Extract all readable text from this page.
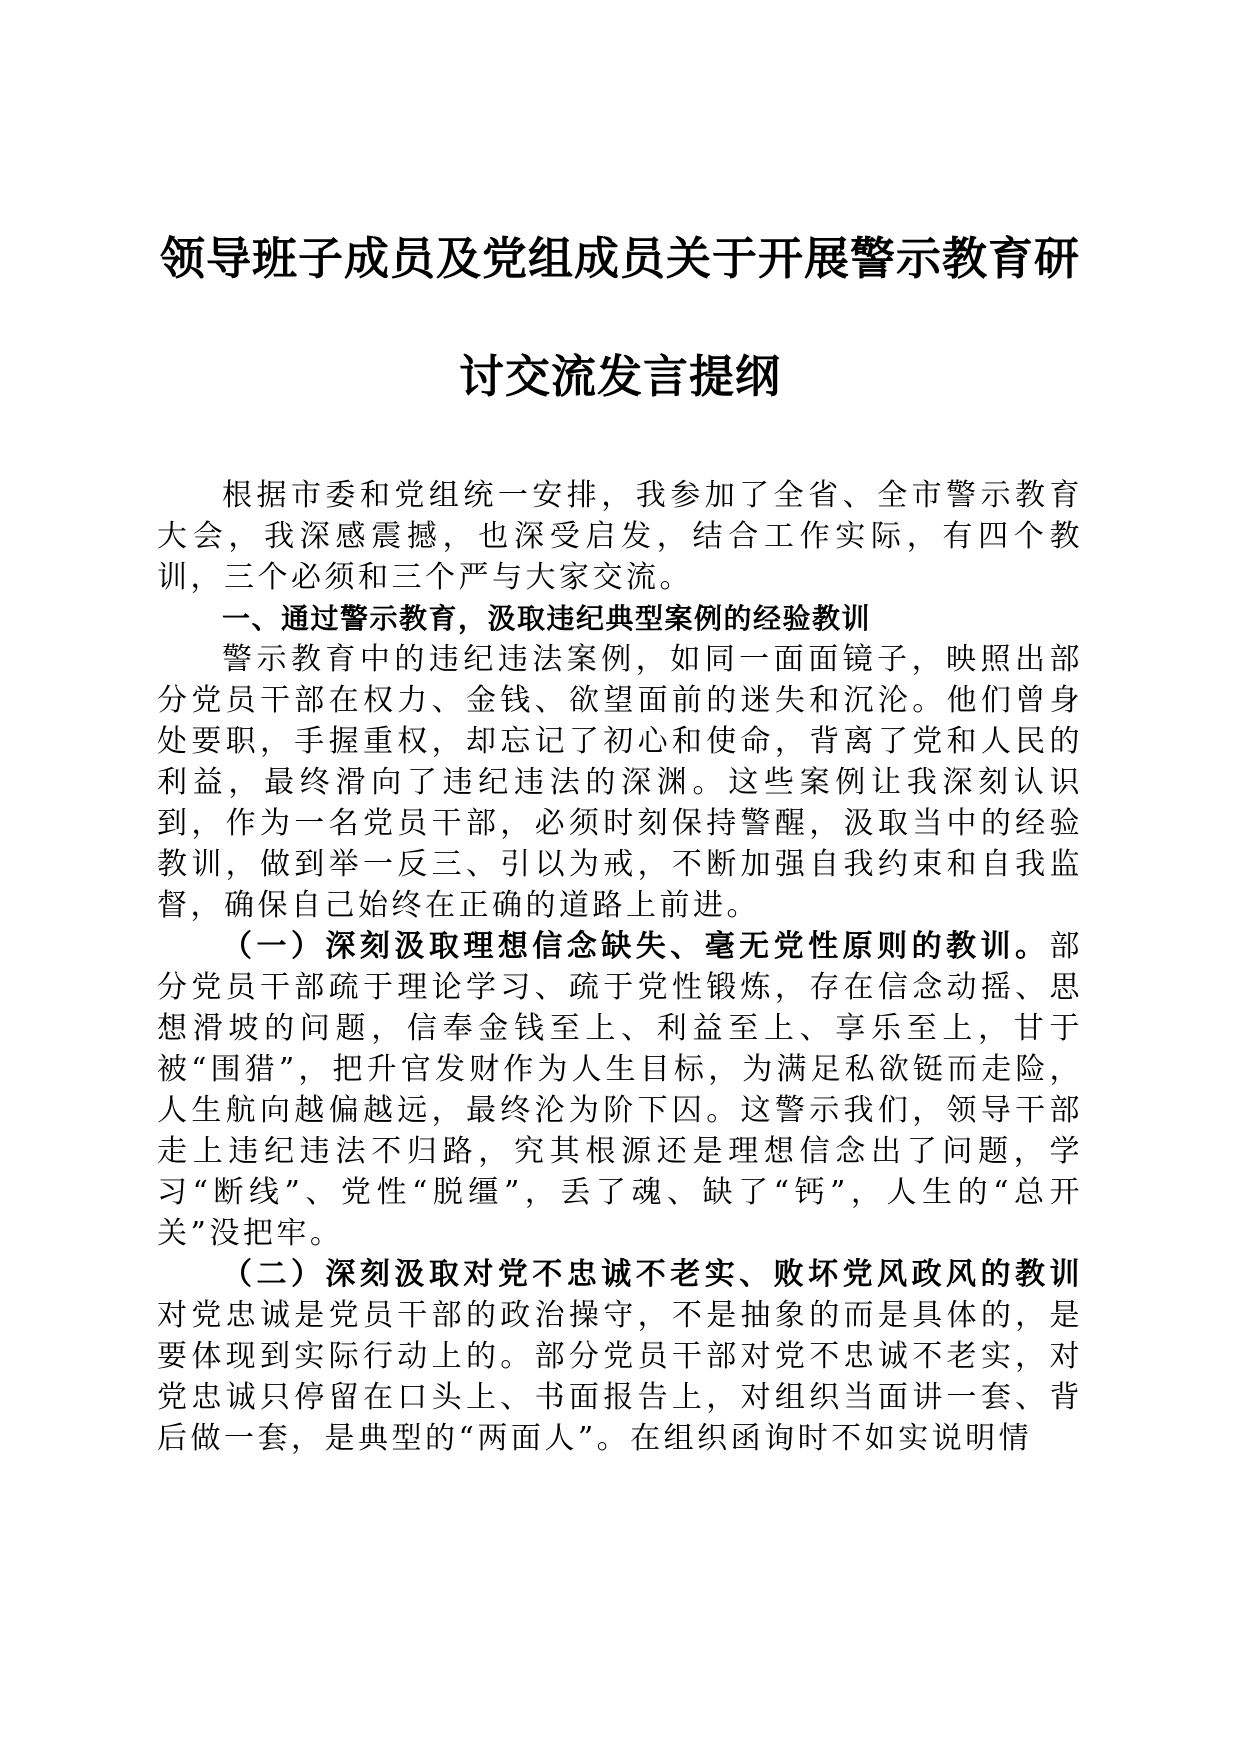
领导班子成员及党组成员关于开展警示教育研
讨交流发言提纲

根据市委和党组统一安排，我参加了全省、全市警示教育大会，我深感震撼，也深受启发，结合工作实际，有四个教训，三个必须和三个严与大家交流。

一、通过警示教育，汲取违纪典型案例的经验教训

警示教育中的违纪违法案例，如同一面面镜子，映照出部分党员干部在权力、金钱、欲望面前的迷失和沉沦。他们曾身处要职，手握重权，却忘记了初心和使命，背离了党和人民的利益，最终滑向了违纪违法的深渊。这些案例让我深刻认识到，作为一名党员干部，必须时刻保持警醒，汲取当中的经验教训，做到举一反三、引以为戒，不断加强自我约束和自我监督，确保自己始终在正确的道路上前进。

（一）深刻汲取理想信念缺失、毫无党性原则的教训。部分党员干部疏于理论学习、疏于党性锻炼，存在信念动摇、思想滑坡的问题，信奉金钱至上、利益至上、享乐至上，甘于被“围猎”，把升官发财作为人生目标，为满足私欲铤而走险，人生航向越偏越远，最终沦为阶下囚。这警示我们，领导干部走上违纪违法不归路，究其根源还是理想信念出了问题，学习“断线”、党性“脱缰”，丢了魂、缺了“钙”，人生的“总开关”没把牢。

（二）深刻汲取对党不忠诚不老实、败坏党风政风的教训对党忠诚是党员干部的政治操守，不是抽象的而是具体的，是要体现到实际行动上的。部分党员干部对党不忠诚不老实，对党忠诚只停留在口头上、书面报告上，对组织当面讲一套、背后做一套，是典型的“两面人”。在组织函询时不如实说明情
